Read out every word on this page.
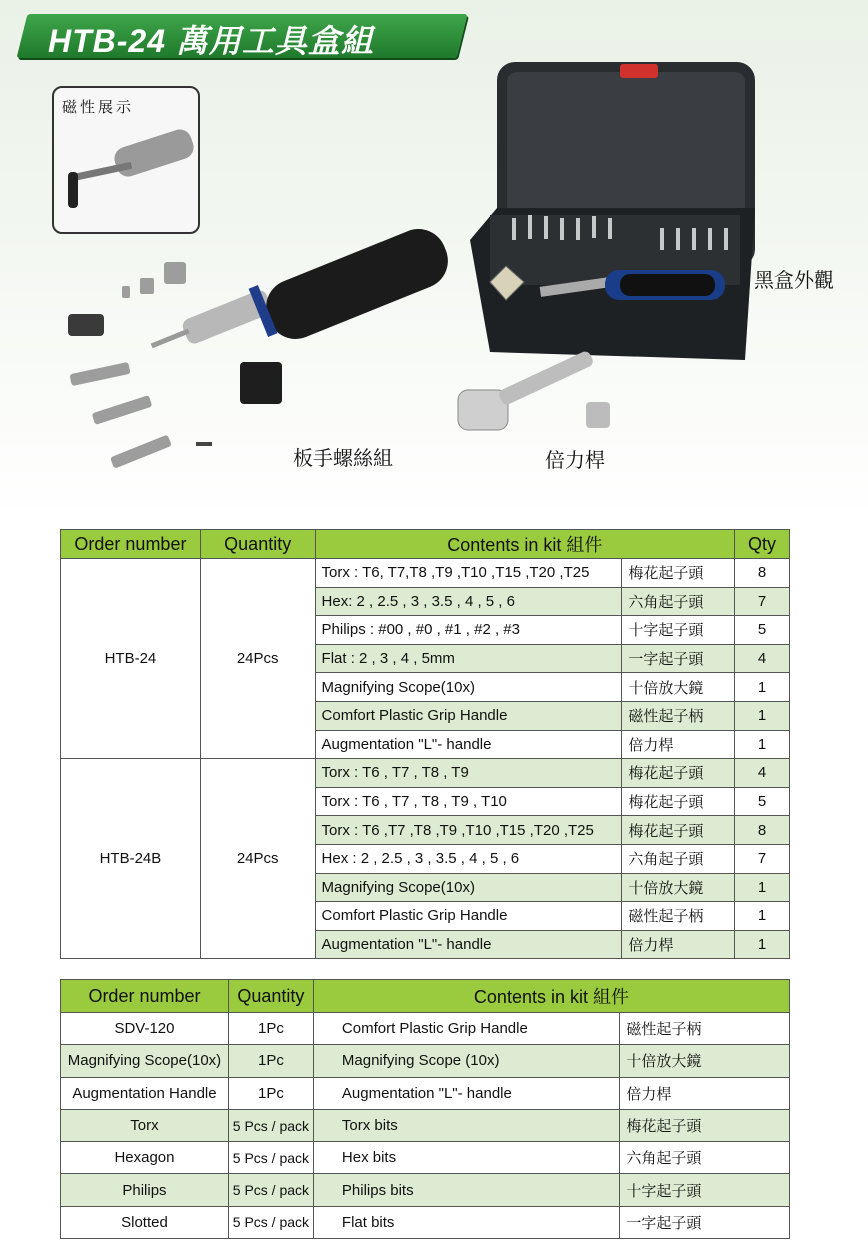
HTB-24 萬用工具盒組
磁性展示
黑盒外觀
板手螺絲組	倍力桿
Order number	Quantity	Contents in kit 組件		Qty
HTB-24	24Pcs	Torx : T6, T7,T8 ,T9 ,T10 ,T15 ,T20 ,T25	梅花起子頭	8
		Hex: 2 , 2.5 , 3 , 3.5 , 4 , 5 , 6	六角起子頭	7
		Philips : #00 , #0 , #1 , #2 , #3	十字起子頭	5
		Flat : 2 , 3 , 4 , 5mm	一字起子頭	4
		Magnifying Scope(10x)	十倍放大鏡	1
		Comfort Plastic Grip Handle	磁性起子柄	1
		Augmentation "L"- handle	倍力桿	1
HTB-24B	24Pcs	Torx : T6 , T7 , T8 , T9	梅花起子頭	4
		Torx : T6 , T7 , T8 , T9 , T10	梅花起子頭	5
		Torx : T6 ,T7 ,T8 ,T9 ,T10 ,T15 ,T20 ,T25	梅花起子頭	8
		Hex : 2 , 2.5 , 3 , 3.5 , 4 , 5 , 6	六角起子頭	7
		Magnifying Scope(10x)	十倍放大鏡	1
		Comfort Plastic Grip Handle	磁性起子柄	1
		Augmentation "L"- handle	倍力桿	1
Order number	Quantity	Contents in kit 組件	
SDV-120	1Pc	Comfort Plastic Grip Handle	磁性起子柄
Magnifying Scope(10x)	1Pc	Magnifying Scope (10x)	十倍放大鏡
Augmentation Handle	1Pc	Augmentation "L"- handle	倍力桿
Torx	5 Pcs / pack	Torx bits	梅花起子頭
Hexagon	5 Pcs / pack	Hex bits	六角起子頭
Philips	5 Pcs / pack	Philips bits	十字起子頭
Slotted	5 Pcs / pack	Flat bits	一字起子頭
